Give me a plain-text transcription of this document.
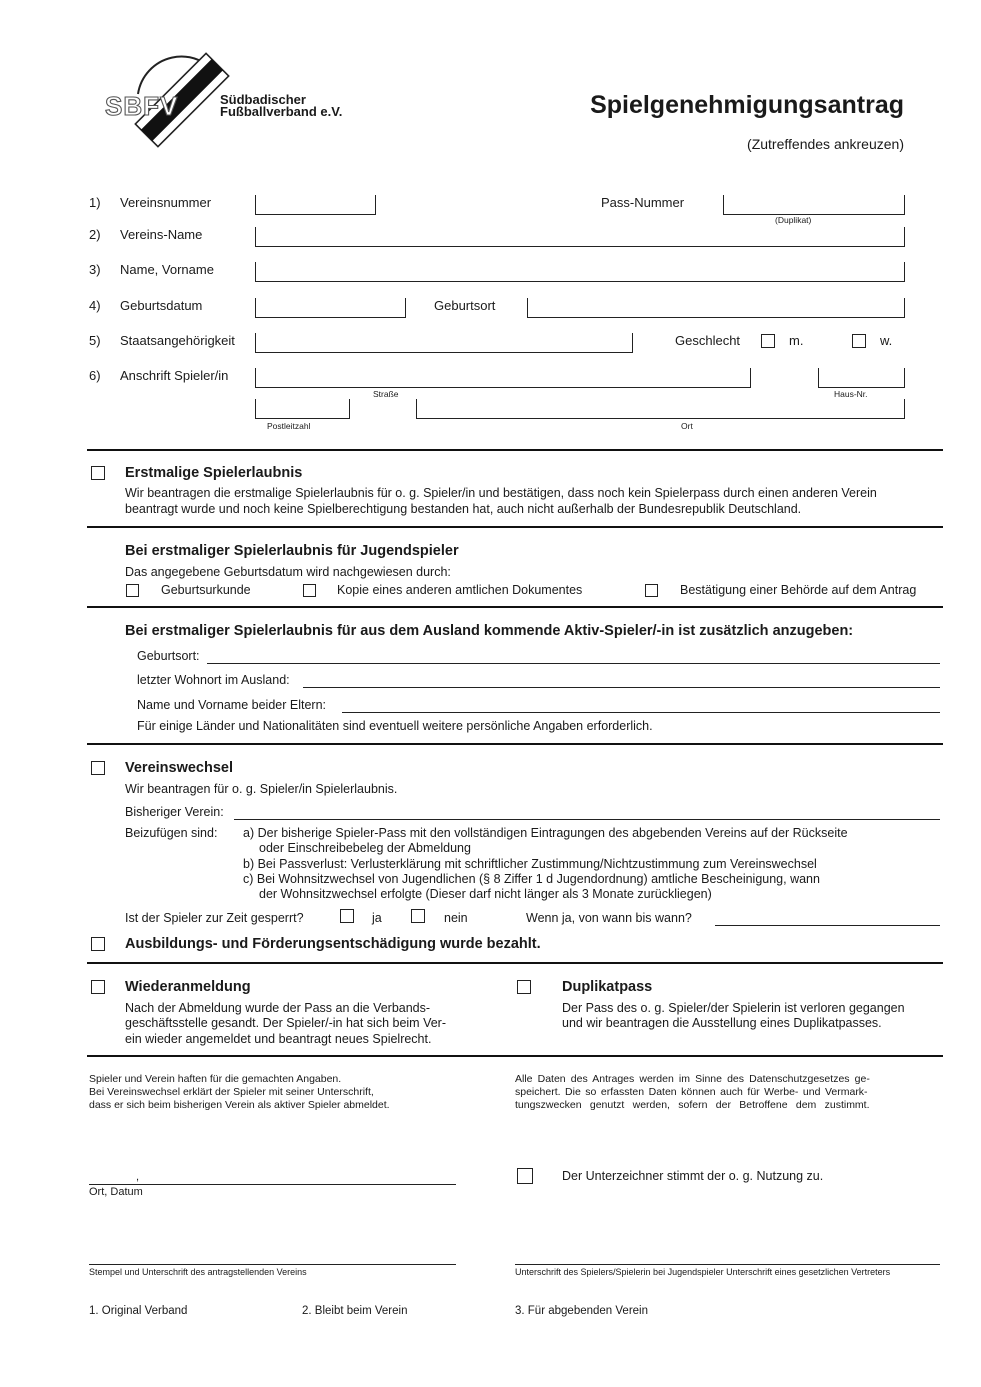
SBFV	Südbadischer
Fußballverband e.V.	Spielgenehmigungsantrag
(Zutreffendes ankreuzen)
1) Vereinsnummer	Pass-Nummer
(Duplikat)
2) Vereins-Name
3) Name, Vorname
4) Geburtsdatum	Geburtsort
5) Staatsangehörigkeit	Geschlecht	m.	w.
6) Anschrift Spieler/in
Straße	Haus-Nr.
Postleitzahl	Ort
Erstmalige Spielerlaubnis
Wir beantragen die erstmalige Spielerlaubnis für o. g. Spieler/in und bestätigen, dass noch kein Spielerpass durch einen anderen Verein
beantragt wurde und noch keine Spielberechtigung bestanden hat, auch nicht außerhalb der Bundesrepublik Deutschland.
Bei erstmaliger Spielerlaubnis für Jugendspieler
Das angegebene Geburtsdatum wird nachgewiesen durch:
Geburtsurkunde	Kopie eines anderen amtlichen Dokumentes	Bestätigung einer Behörde auf dem Antrag
Bei erstmaliger Spielerlaubnis für aus dem Ausland kommende Aktiv-Spieler/-in ist zusätzlich anzugeben:
Geburtsort:
letzter Wohnort im Ausland:
Name und Vorname beider Eltern:
Für einige Länder und Nationalitäten sind eventuell weitere persönliche Angaben erforderlich.
Vereinswechsel
Wir beantragen für o. g. Spieler/in Spielerlaubnis.
Bisheriger Verein:
Beizufügen sind: a) Der bisherige Spieler-Pass mit den vollständigen Eintragungen des abgebenden Vereins auf der Rückseite
oder Einschreibebeleg der Abmeldung
b) Bei Passverlust: Verlusterklärung mit schriftlicher Zustimmung/Nichtzustimmung zum Vereinswechsel
c) Bei Wohnsitzwechsel von Jugendlichen (§ 8 Ziffer 1 d Jugendordnung) amtliche Bescheinigung, wann
der Wohnsitzwechsel erfolgte (Dieser darf nicht länger als 3 Monate zurückliegen)
Ist der Spieler zur Zeit gesperrt?	ja	nein	Wenn ja, von wann bis wann?
Ausbildungs- und Förderungsentschädigung wurde bezahlt.
Wiederanmeldung
Nach der Abmeldung wurde der Pass an die Verbands-
geschäftsstelle gesandt. Der Spieler/-in hat sich beim Ver-
ein wieder angemeldet und beantragt neues Spielrecht.
Duplikatpass
Der Pass des o. g. Spieler/der Spielerin ist verloren gegangen
und wir beantragen die Ausstellung eines Duplikatpasses.
Spieler und Verein haften für die gemachten Angaben.
Bei Vereinswechsel erklärt der Spieler mit seiner Unterschrift,
dass er sich beim bisherigen Verein als aktiver Spieler abmeldet.
Alle Daten des Antrages werden im Sinne des Datenschutzgesetzes ge-
speichert. Die so erfassten Daten können auch für Werbe- und Vermark-
tungszwecken genutzt werden, sofern der Betroffene dem zustimmt.
,
Ort, Datum
Der Unterzeichner stimmt der o. g. Nutzung zu.
Stempel und Unterschrift des antragstellenden Vereins	Unterschrift des Spielers/Spielerin bei Jugendspieler Unterschrift eines gesetzlichen Vertreters
1. Original Verband	2. Bleibt beim Verein	3. Für abgebenden Verein
